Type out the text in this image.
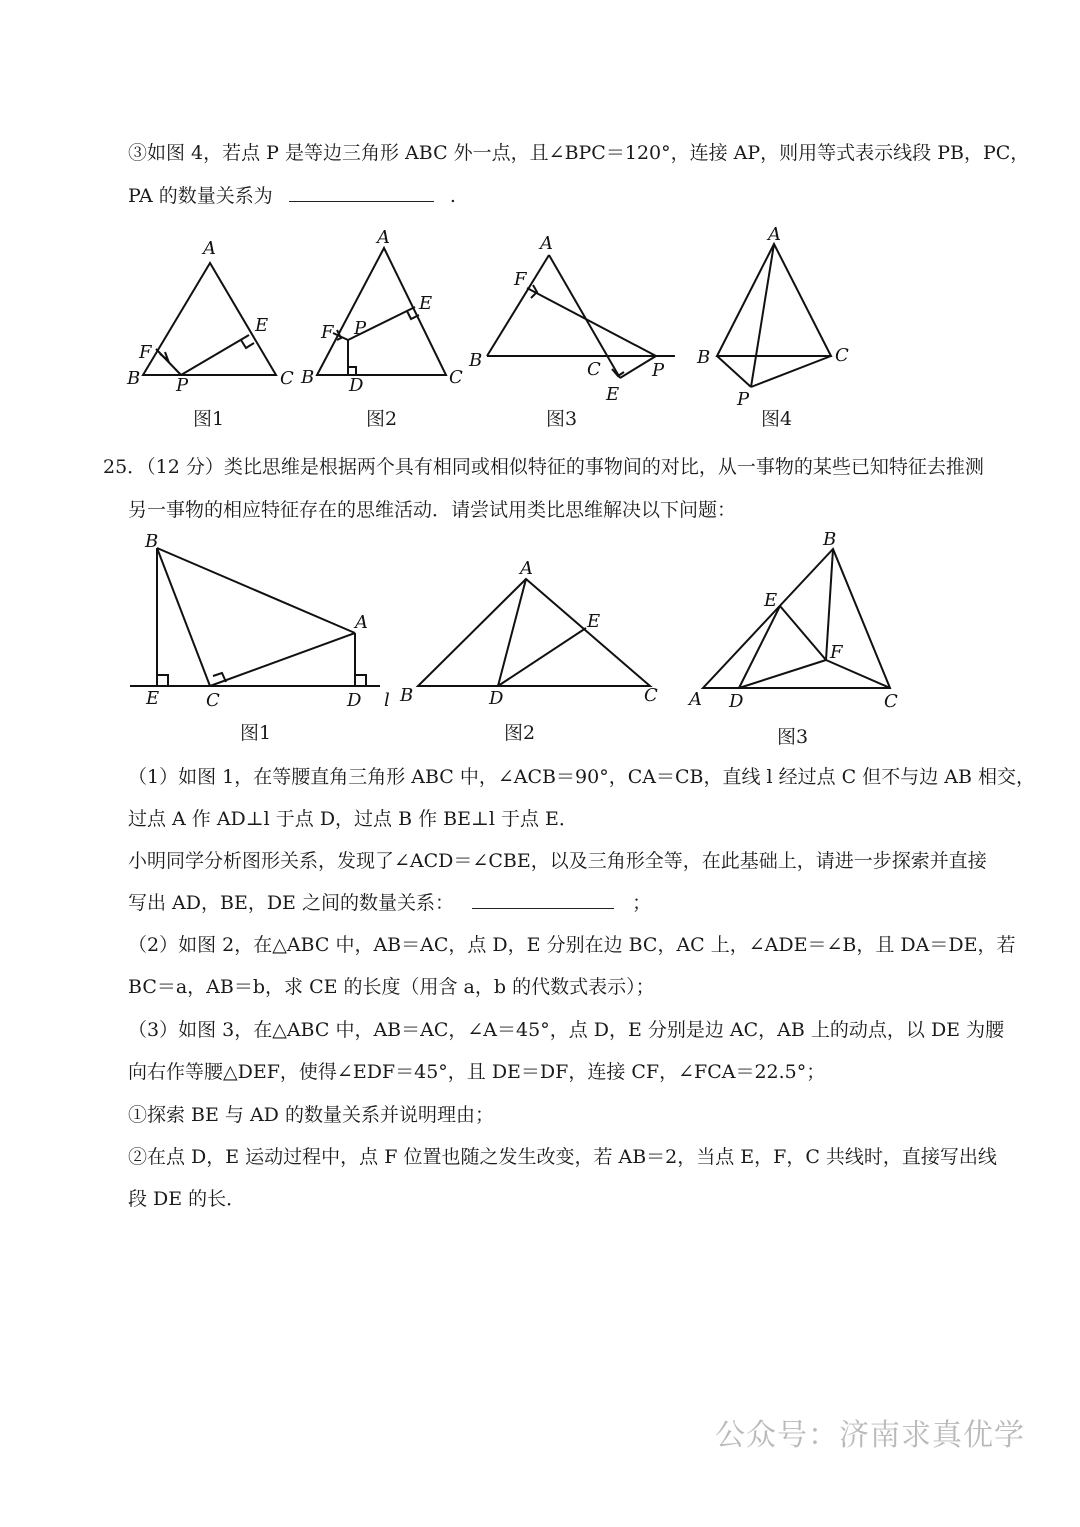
③如图 4，若点 P 是等边三角形 ABC 外一点，且∠BPC＝120°，连接 AP，则用等式表示线段 PB，PC，
PA 的数量关系为	.
A
E
F
B P	C
A
E
F P
B D	C
A
F
B	C	P
E
A
B	C
P
图1	图2	图3	图4
25．（12 分）类比思维是根据两个具有相同或相似特征的事物间的对比，从一事物的某些已知特征去推测
另一事物的相应特征存在的思维活动．请尝试用类比思维解决以下问题：
B
A
E	C	D l
A
E
B	D	C
B
E
F
A D	C
图1	图2	图3
（1）如图 1，在等腰直角三角形 ABC 中，∠ACB＝90°，CA＝CB，直线 l 经过点 C 但不与边 AB 相交，
过点 A 作 AD⊥l 于点 D，过点 B 作 BE⊥l 于点 E．
小明同学分析图形关系，发现了∠ACD＝∠CBE，以及三角形全等，在此基础上，请进一步探索并直接
写出 AD，BE，DE 之间的数量关系：	；
（2）如图 2，在△ABC 中，AB＝AC，点 D，E 分别在边 BC，AC 上，∠ADE＝∠B，且 DA＝DE，若
BC＝a，AB＝b，求 CE 的长度（用含 a，b 的代数式表示）；
（3）如图 3，在△ABC 中，AB＝AC，∠A＝45°，点 D，E 分别是边 AC，AB 上的动点，以 DE 为腰
向右作等腰△DEF，使得∠EDF＝45°，且 DE＝DF，连接 CF，∠FCA＝22.5°；
①探索 BE 与 AD 的数量关系并说明理由；
②在点 D，E 运动过程中，点 F 位置也随之发生改变，若 AB＝2，当点 E，F，C 共线时，直接写出线
段 DE 的长．
公众号：济南求真优学
